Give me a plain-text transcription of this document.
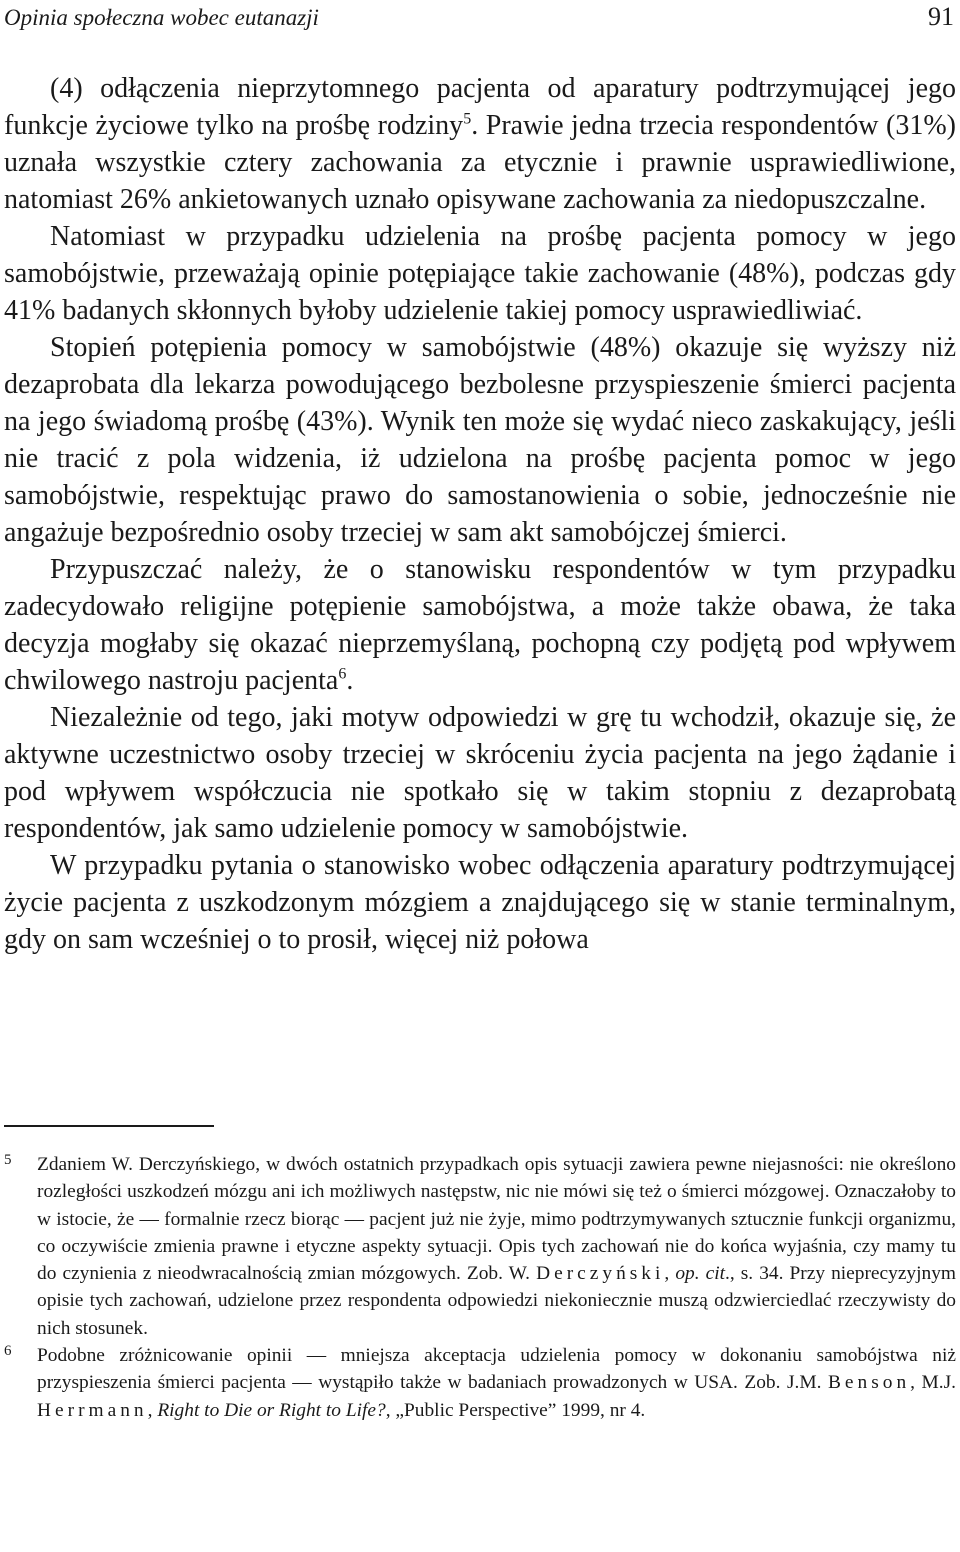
Opinia społeczna wobec eutanazji	91

(4) odłączenia nieprzytomnego pacjenta od aparatury podtrzymującej jego funkcje życiowe tylko na prośbę rodziny$^5$. Prawie jedna trzecia respondentów (31%) uznała wszystkie cztery zachowania za etycznie i prawnie usprawiedliwione, natomiast 26% ankietowanych uznało opisywane zachowania za niedopuszczalne.

Natomiast w przypadku udzielenia na prośbę pacjenta pomocy w jego samobójstwie, przeważają opinie potępiające takie zachowanie (48%), podczas gdy 41% badanych skłonnych byłoby udzielenie takiej pomocy usprawiedliwiać.

Stopień potępienia pomocy w samobójstwie (48%) okazuje się wyższy niż dezaprobata dla lekarza powodującego bezbolesne przyspieszenie śmierci pacjenta na jego świadomą prośbę (43%). Wynik ten może się wydać nieco zaskakujący, jeśli nie tracić z pola widzenia, iż udzielona na prośbę pacjenta pomoc w jego samobójstwie, respektując prawo do samostanowienia o sobie, jednocześnie nie angażuje bezpośrednio osoby trzeciej w sam akt samobójczej śmierci.

Przypuszczać należy, że o stanowisku respondentów w tym przypadku zadecydowało religijne potępienie samobójstwa, a może także obawa, że taka decyzja mogłaby się okazać nieprzemyślaną, pochopną czy podjętą pod wpływem chwilowego nastroju pacjenta$^6$.

Niezależnie od tego, jaki motyw odpowiedzi w grę tu wchodził, okazuje się, że aktywne uczestnictwo osoby trzeciej w skróceniu życia pacjenta na jego żądanie i pod wpływem współczucia nie spotkało się w takim stopniu z dezaprobatą respondentów, jak samo udzielenie pomocy w samobójstwie.

W przypadku pytania o stanowisko wobec odłączenia aparatury podtrzymującej życie pacjenta z uszkodzonym mózgiem a znajdującego się w stanie terminalnym, gdy on sam wcześniej o to prosił, więcej niż połowa

5 Zdaniem W. Derczyńskiego, w dwóch ostatnich przypadkach opis sytuacji zawiera pewne niejasności: nie określono rozległości uszkodzeń mózgu ani ich możliwych następstw, nic nie mówi się też o śmierci mózgowej. Oznaczałoby to w istocie, że — formalnie rzecz biorąc — pacjent już nie żyje, mimo podtrzymywanych sztucznie funkcji organizmu, co oczywiście zmienia prawne i etyczne aspekty sytuacji. Opis tych zachowań nie do końca wyjaśnia, czy mamy tu do czynienia z nieodwracalnością zmian mózgowych. Zob. W. Derczyński, op. cit., s. 34. Przy nieprecyzyjnym opisie tych zachowań, udzielone przez respondenta odpowiedzi niekoniecznie muszą odzwierciedlać rzeczywisty do nich stosunek.
6 Podobne zróżnicowanie opinii — mniejsza akceptacja udzielenia pomocy w dokonaniu samobójstwa niż przyspieszenia śmierci pacjenta — wystąpiło także w badaniach prowadzonych w USA. Zob. J.M. Benson, M.J. Herrmann, Right to Die or Right to Life?, „Public Perspective” 1999, nr 4.
